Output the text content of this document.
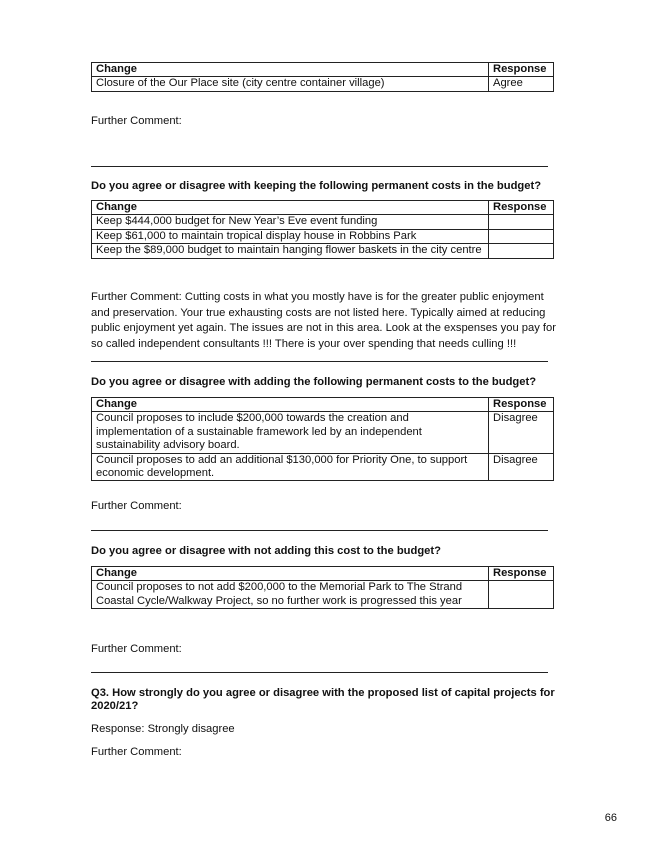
Change	Response
Closure of the Our Place site (city centre container village)	Agree
Further Comment:
Do you agree or disagree with keeping the following permanent costs in the budget?
Change	Response
Keep $444,000 budget for New Year’s Eve event funding	
Keep $61,000 to maintain tropical display house in Robbins Park	
Keep the $89,000 budget to maintain hanging flower baskets in the city centre	
Further Comment: Cutting costs in what you mostly have is for the greater public enjoyment and preservation. Your true exhausting costs are not listed here. Typically aimed at reducing public enjoyment yet again. The issues are not in this area. Look at the exspenses you pay for so called independent consultants !!! There is your over spending that needs culling !!!
Do you agree or disagree with adding the following permanent costs to the budget?
Change	Response
Council proposes to include $200,000 towards the creation and implementation of a sustainable framework led by an independent sustainability advisory board.	Disagree
Council proposes to add an additional $130,000 for Priority One, to support economic development.	Disagree
Further Comment:
Do you agree or disagree with not adding this cost to the budget?
Change	Response
Council proposes to not add $200,000 to the Memorial Park to The Strand Coastal Cycle/Walkway Project, so no further work is progressed this year	
Further Comment:
Q3. How strongly do you agree or disagree with the proposed list of capital projects for 2020/21?
Response: Strongly disagree
Further Comment:
66
